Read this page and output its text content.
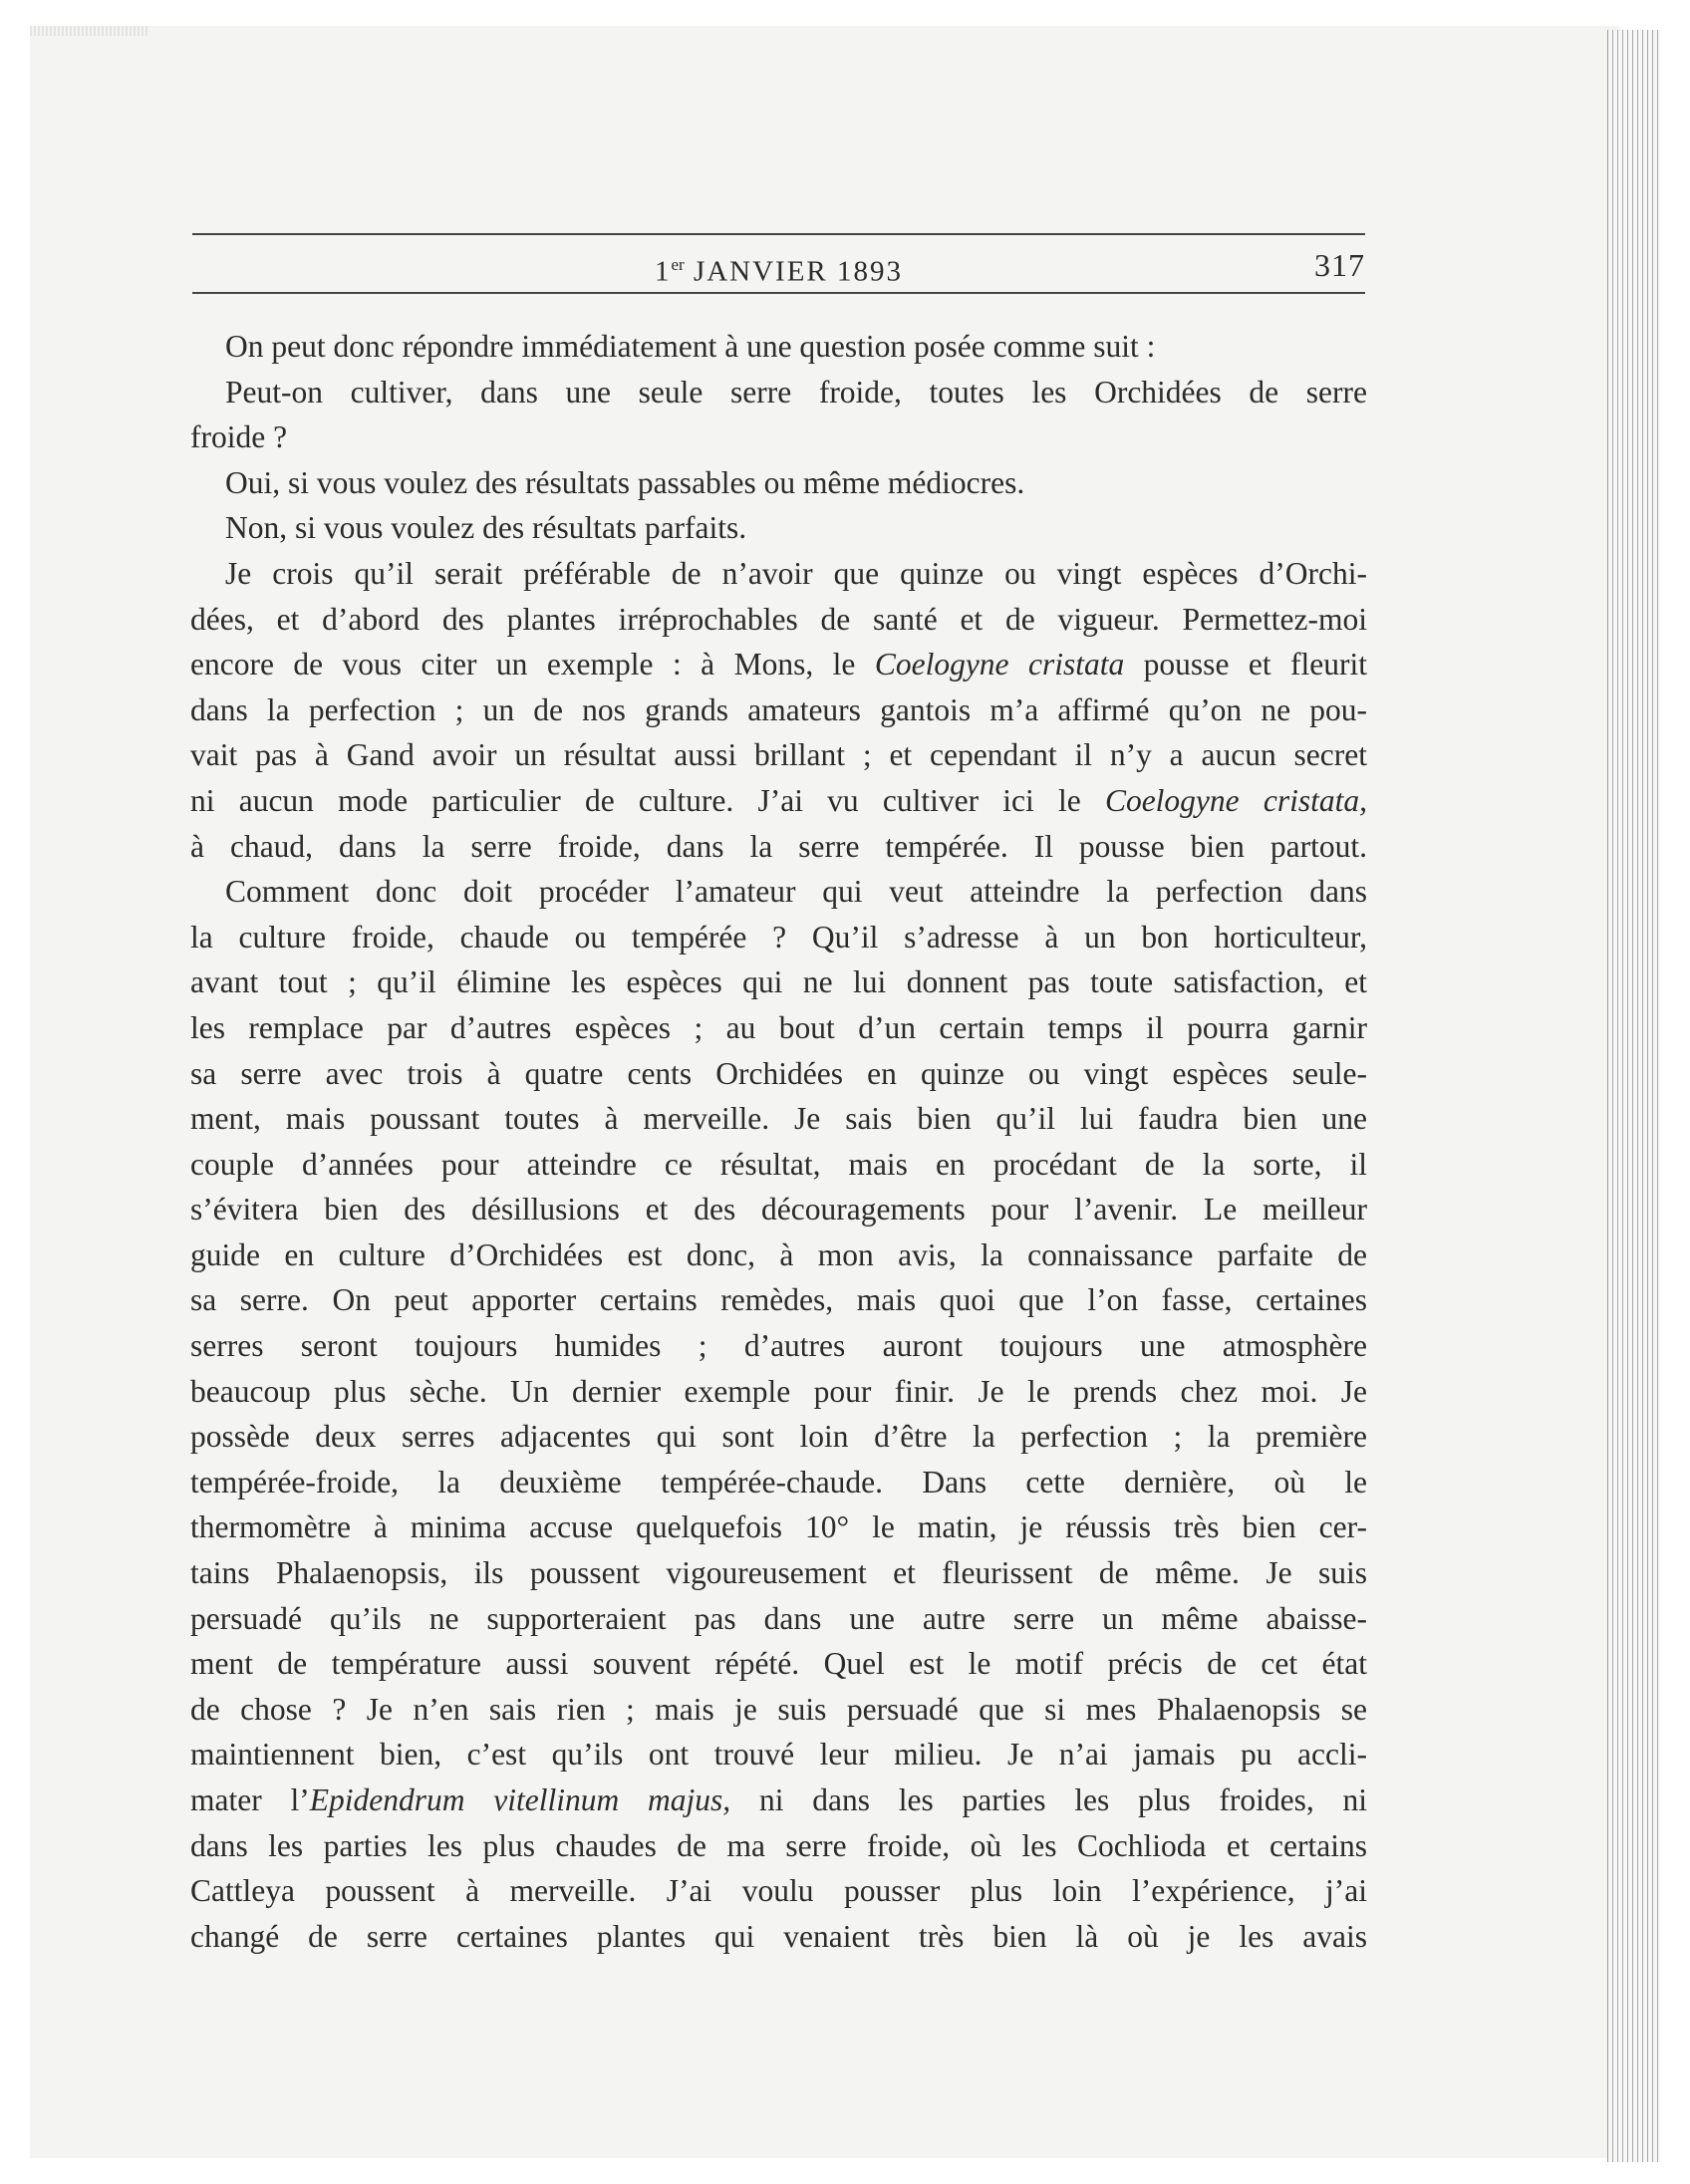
1er JANVIER 1893	317
On peut donc répondre immédiatement à une question posée comme suit :
Peut-on cultiver, dans une seule serre froide, toutes les Orchidées de serre
froide ?
Oui, si vous voulez des résultats passables ou même médiocres.
Non, si vous voulez des résultats parfaits.
Je crois qu’il serait préférable de n’avoir que quinze ou vingt espèces d’Orchi-
dées, et d’abord des plantes irréprochables de santé et de vigueur. Permettez-moi
encore de vous citer un exemple : à Mons, le Coelogyne cristata pousse et fleurit
dans la perfection ; un de nos grands amateurs gantois m’a affirmé qu’on ne pou-
vait pas à Gand avoir un résultat aussi brillant ; et cependant il n’y a aucun secret
ni aucun mode particulier de culture. J’ai vu cultiver ici le Coelogyne cristata,
à chaud, dans la serre froide, dans la serre tempérée. Il pousse bien partout.
Comment donc doit procéder l’amateur qui veut atteindre la perfection dans
la culture froide, chaude ou tempérée ? Qu’il s’adresse à un bon horticulteur,
avant tout ; qu’il élimine les espèces qui ne lui donnent pas toute satisfaction, et
les remplace par d’autres espèces ; au bout d’un certain temps il pourra garnir
sa serre avec trois à quatre cents Orchidées en quinze ou vingt espèces seule-
ment, mais poussant toutes à merveille. Je sais bien qu’il lui faudra bien une
couple d’années pour atteindre ce résultat, mais en procédant de la sorte, il
s’évitera bien des désillusions et des découragements pour l’avenir. Le meilleur
guide en culture d’Orchidées est donc, à mon avis, la connaissance parfaite de
sa serre. On peut apporter certains remèdes, mais quoi que l’on fasse, certaines
serres seront toujours humides ; d’autres auront toujours une atmosphère
beaucoup plus sèche. Un dernier exemple pour finir. Je le prends chez moi. Je
possède deux serres adjacentes qui sont loin d’être la perfection ; la première
tempérée-froide, la deuxième tempérée-chaude. Dans cette dernière, où le
thermomètre à minima accuse quelquefois 10° le matin, je réussis très bien cer-
tains Phalaenopsis, ils poussent vigoureusement et fleurissent de même. Je suis
persuadé qu’ils ne supporteraient pas dans une autre serre un même abaisse-
ment de température aussi souvent répété. Quel est le motif précis de cet état
de chose ? Je n’en sais rien ; mais je suis persuadé que si mes Phalaenopsis se
maintiennent bien, c’est qu’ils ont trouvé leur milieu. Je n’ai jamais pu accli-
mater l’Epidendrum vitellinum majus, ni dans les parties les plus froides, ni
dans les parties les plus chaudes de ma serre froide, où les Cochlioda et certains
Cattleya poussent à merveille. J’ai voulu pousser plus loin l’expérience, j’ai
changé de serre certaines plantes qui venaient très bien là où je les avais
